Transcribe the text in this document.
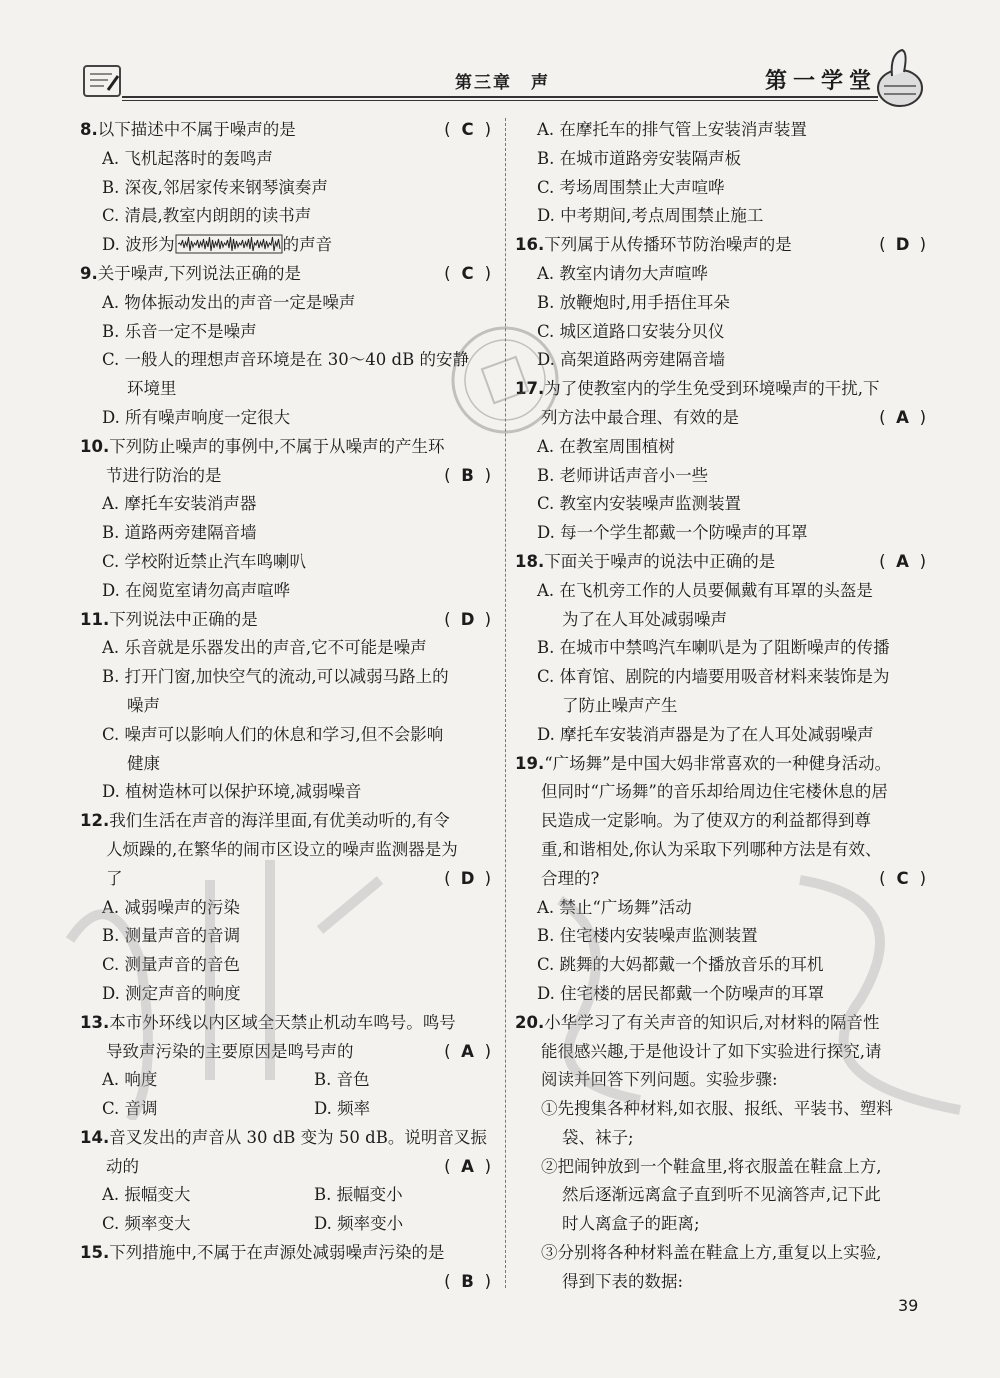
第三章　声	第一学堂
8.以下描述中不属于噪声的是	( C )
A. 飞机起落时的轰鸣声
B. 深夜,邻居家传来钢琴演奏声
C. 清晨,教室内朗朗的读书声
D. 波形为	的声音
9.关于噪声,下列说法正确的是	( C )
A. 物体振动发出的声音一定是噪声
B. 乐音一定不是噪声
C. 一般人的理想声音环境是在 30～40 dB 的安静
环境里
D. 所有噪声响度一定很大
10.下列防止噪声的事例中,不属于从噪声的产生环
节进行防治的是	( B )
A. 摩托车安装消声器
B. 道路两旁建隔音墙
C. 学校附近禁止汽车鸣喇叭
D. 在阅览室请勿高声喧哗
11.下列说法中正确的是	( D )
A. 乐音就是乐器发出的声音,它不可能是噪声
B. 打开门窗,加快空气的流动,可以减弱马路上的
噪声
C. 噪声可以影响人们的休息和学习,但不会影响
健康
D. 植树造林可以保护环境,减弱噪音
12.我们生活在声音的海洋里面,有优美动听的,有令
人烦躁的,在繁华的闹市区设立的噪声监测器是为
了	( D )
A. 减弱噪声的污染
B. 测量声音的音调
C. 测量声音的音色
D. 测定声音的响度
13.本市外环线以内区域全天禁止机动车鸣号。鸣号
导致声污染的主要原因是鸣号声的	( A )
A. 响度	B. 音色
C. 音调	D. 频率
14.音叉发出的声音从 30 dB 变为 50 dB。说明音叉振
动的	( A )
A. 振幅变大	B. 振幅变小
C. 频率变大	D. 频率变小
15.下列措施中,不属于在声源处减弱噪声污染的是
( B )
A. 在摩托车的排气管上安装消声装置
B. 在城市道路旁安装隔声板
C. 考场周围禁止大声喧哗
D. 中考期间,考点周围禁止施工
16.下列属于从传播环节防治噪声的是	( D )
A. 教室内请勿大声喧哗
B. 放鞭炮时,用手捂住耳朵
C. 城区道路口安装分贝仪
D. 高架道路两旁建隔音墙
17.为了使教室内的学生免受到环境噪声的干扰,下
列方法中最合理、有效的是	( A )
A. 在教室周围植树
B. 老师讲话声音小一些
C. 教室内安装噪声监测装置
D. 每一个学生都戴一个防噪声的耳罩
18.下面关于噪声的说法中正确的是	( A )
A. 在飞机旁工作的人员要佩戴有耳罩的头盔是
为了在人耳处减弱噪声
B. 在城市中禁鸣汽车喇叭是为了阻断噪声的传播
C. 体育馆、剧院的内墙要用吸音材料来装饰是为
了防止噪声产生
D. 摩托车安装消声器是为了在人耳处减弱噪声
19.“广场舞”是中国大妈非常喜欢的一种健身活动。
但同时“广场舞”的音乐却给周边住宅楼休息的居
民造成一定影响。为了使双方的利益都得到尊
重,和谐相处,你认为采取下列哪种方法是有效、
合理的?	( C )
A. 禁止“广场舞”活动
B. 住宅楼内安装噪声监测装置
C. 跳舞的大妈都戴一个播放音乐的耳机
D. 住宅楼的居民都戴一个防噪声的耳罩
20.小华学习了有关声音的知识后,对材料的隔音性
能很感兴趣,于是他设计了如下实验进行探究,请
阅读并回答下列问题。实验步骤:
①先搜集各种材料,如衣服、报纸、平装书、塑料
袋、袜子;
②把闹钟放到一个鞋盒里,将衣服盖在鞋盒上方,
然后逐渐远离盒子直到听不见滴答声,记下此
时人离盒子的距离;
③分别将各种材料盖在鞋盒上方,重复以上实验,
得到下表的数据:
39
